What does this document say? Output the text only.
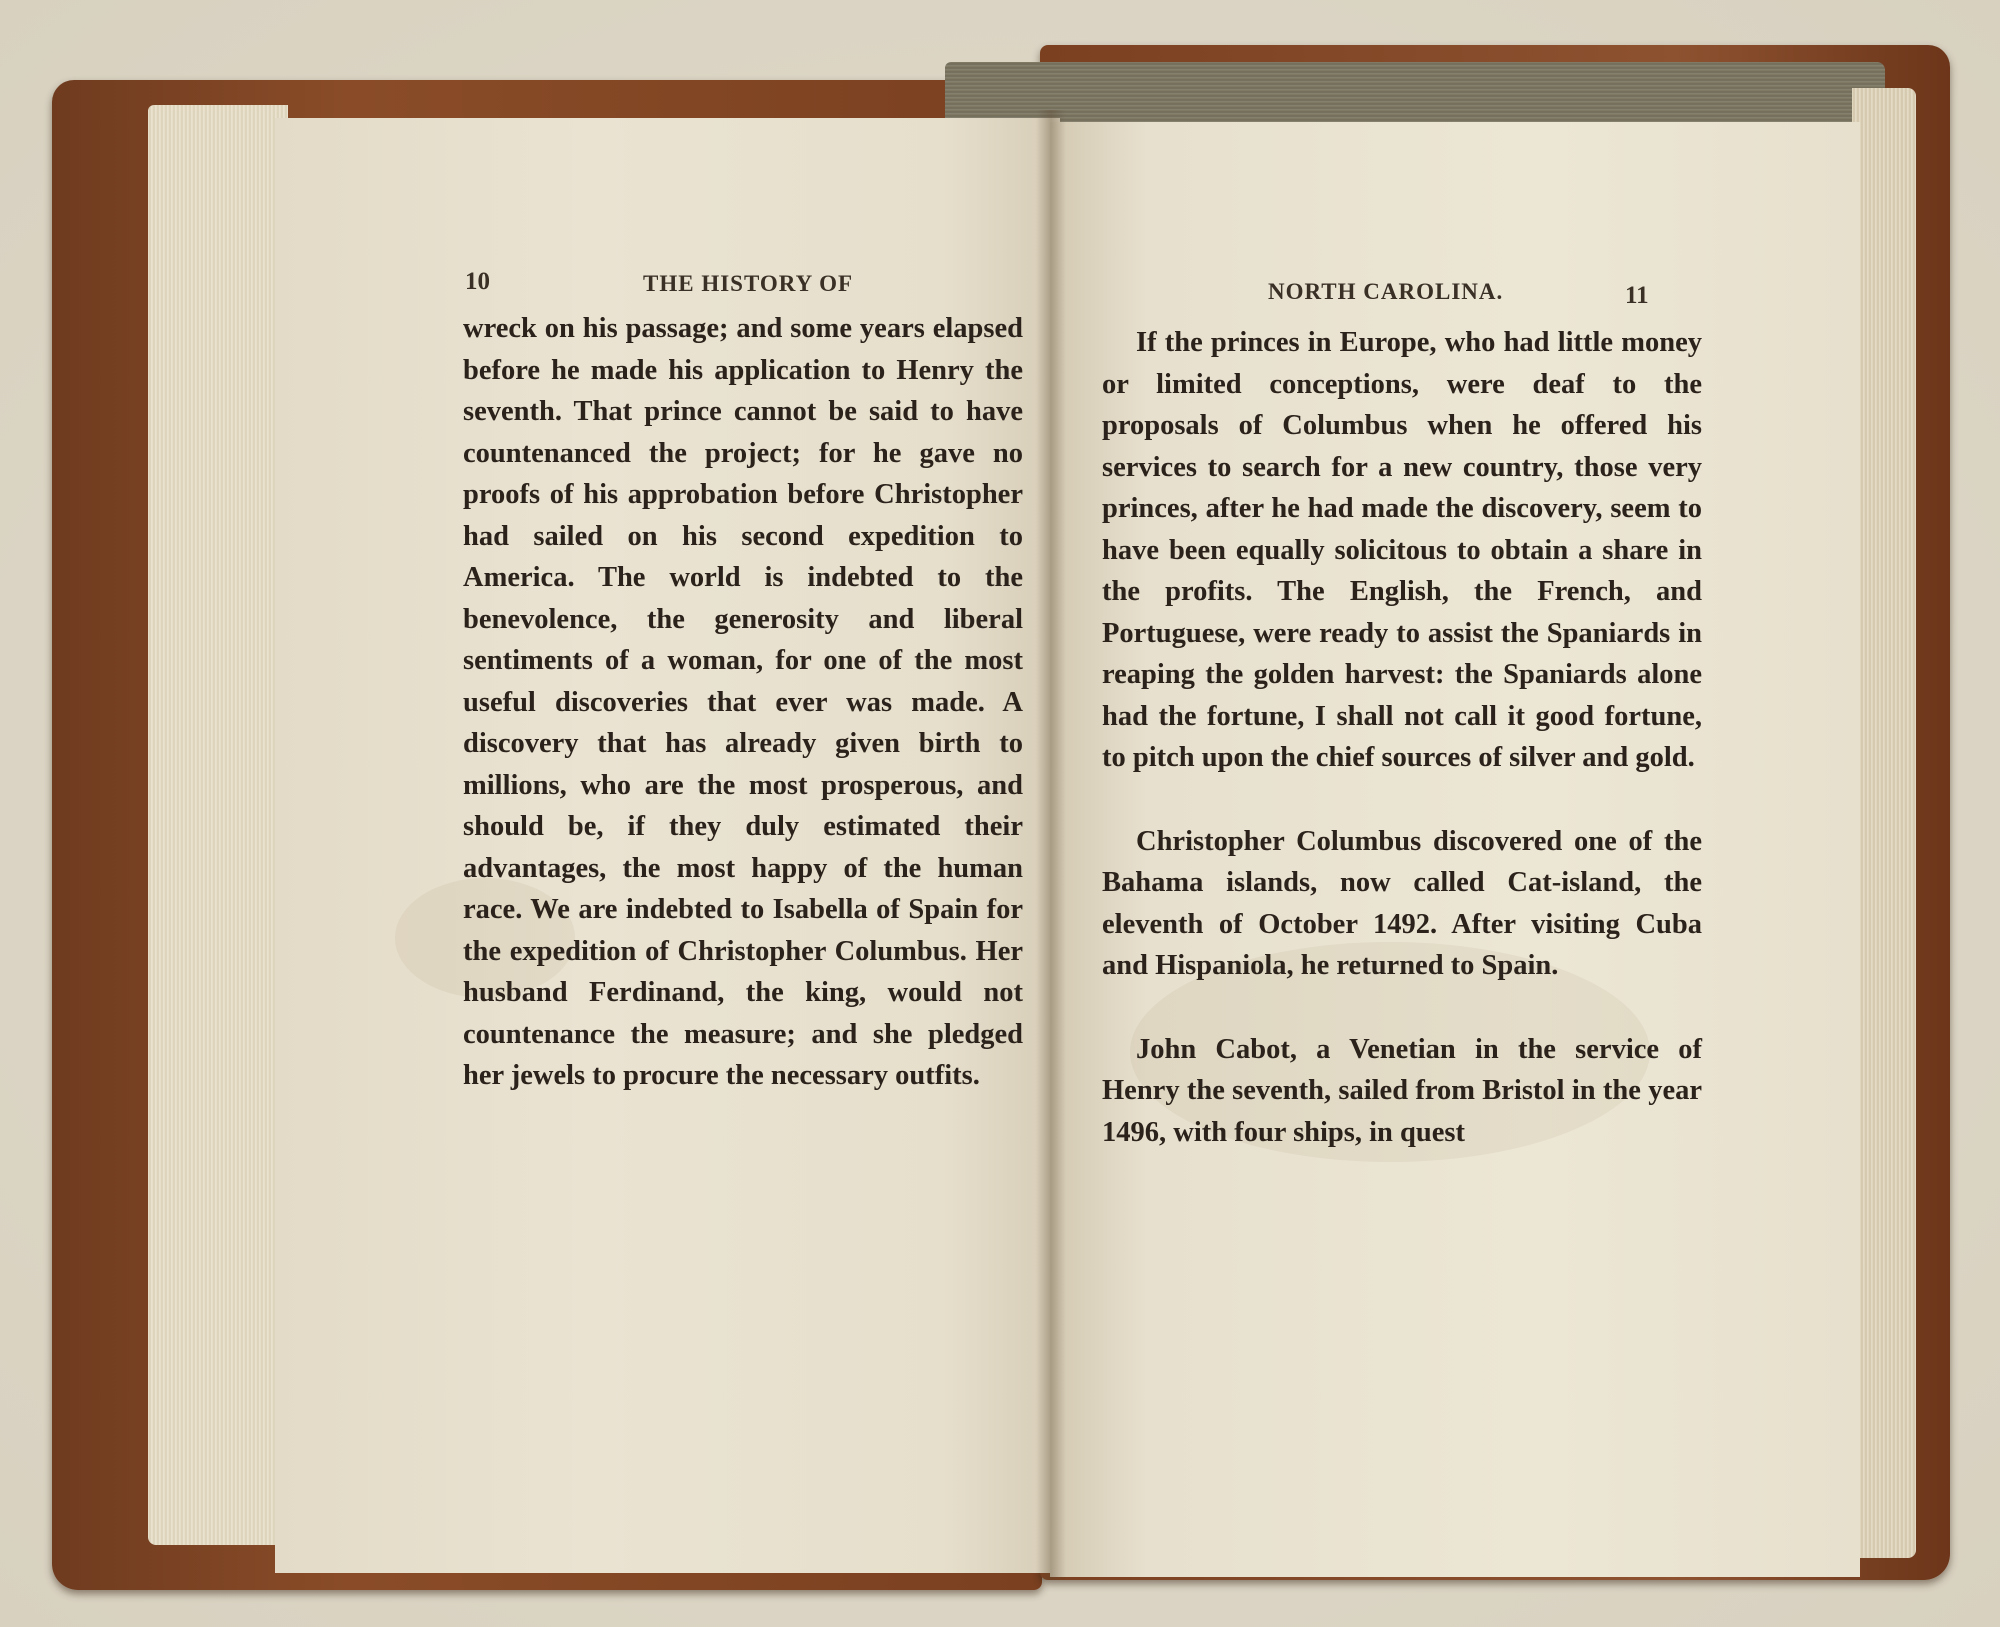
10	THE HISTORY OF

wreck on his passage; and some years elapsed before he made his application to Henry the seventh. That prince cannot be said to have countenanced the project; for he gave no proofs of his approbation before Christopher had sailed on his second expedition to America. The world is indebted to the benevolence, the generosity and liberal sentiments of a woman, for one of the most useful discoveries that ever was made. A discovery that has already given birth to millions, who are the most prosperous, and should be, if they duly estimated their advantages, the most happy of the human race. We are indebted to Isabella of Spain for the expedition of Christopher Columbus. Her husband Ferdinand, the king, would not countenance the measure; and she pledged her jewels to procure the necessary outfits.

NORTH CAROLINA.	11

If the princes in Europe, who had little money or limited conceptions, were deaf to the proposals of Columbus when he offered his services to search for a new country, those very princes, after he had made the discovery, seem to have been equally solicitous to obtain a share in the profits. The English, the French, and Portuguese, were ready to assist the Spaniards in reaping the golden harvest: the Spaniards alone had the fortune, I shall not call it good fortune, to pitch upon the chief sources of silver and gold.

Christopher Columbus discovered one of the Bahama islands, now called Cat-island, the eleventh of October 1492. After visiting Cuba and Hispaniola, he returned to Spain.

John Cabot, a Venetian in the service of Henry the seventh, sailed from Bristol in the year 1496, with four ships, in quest
